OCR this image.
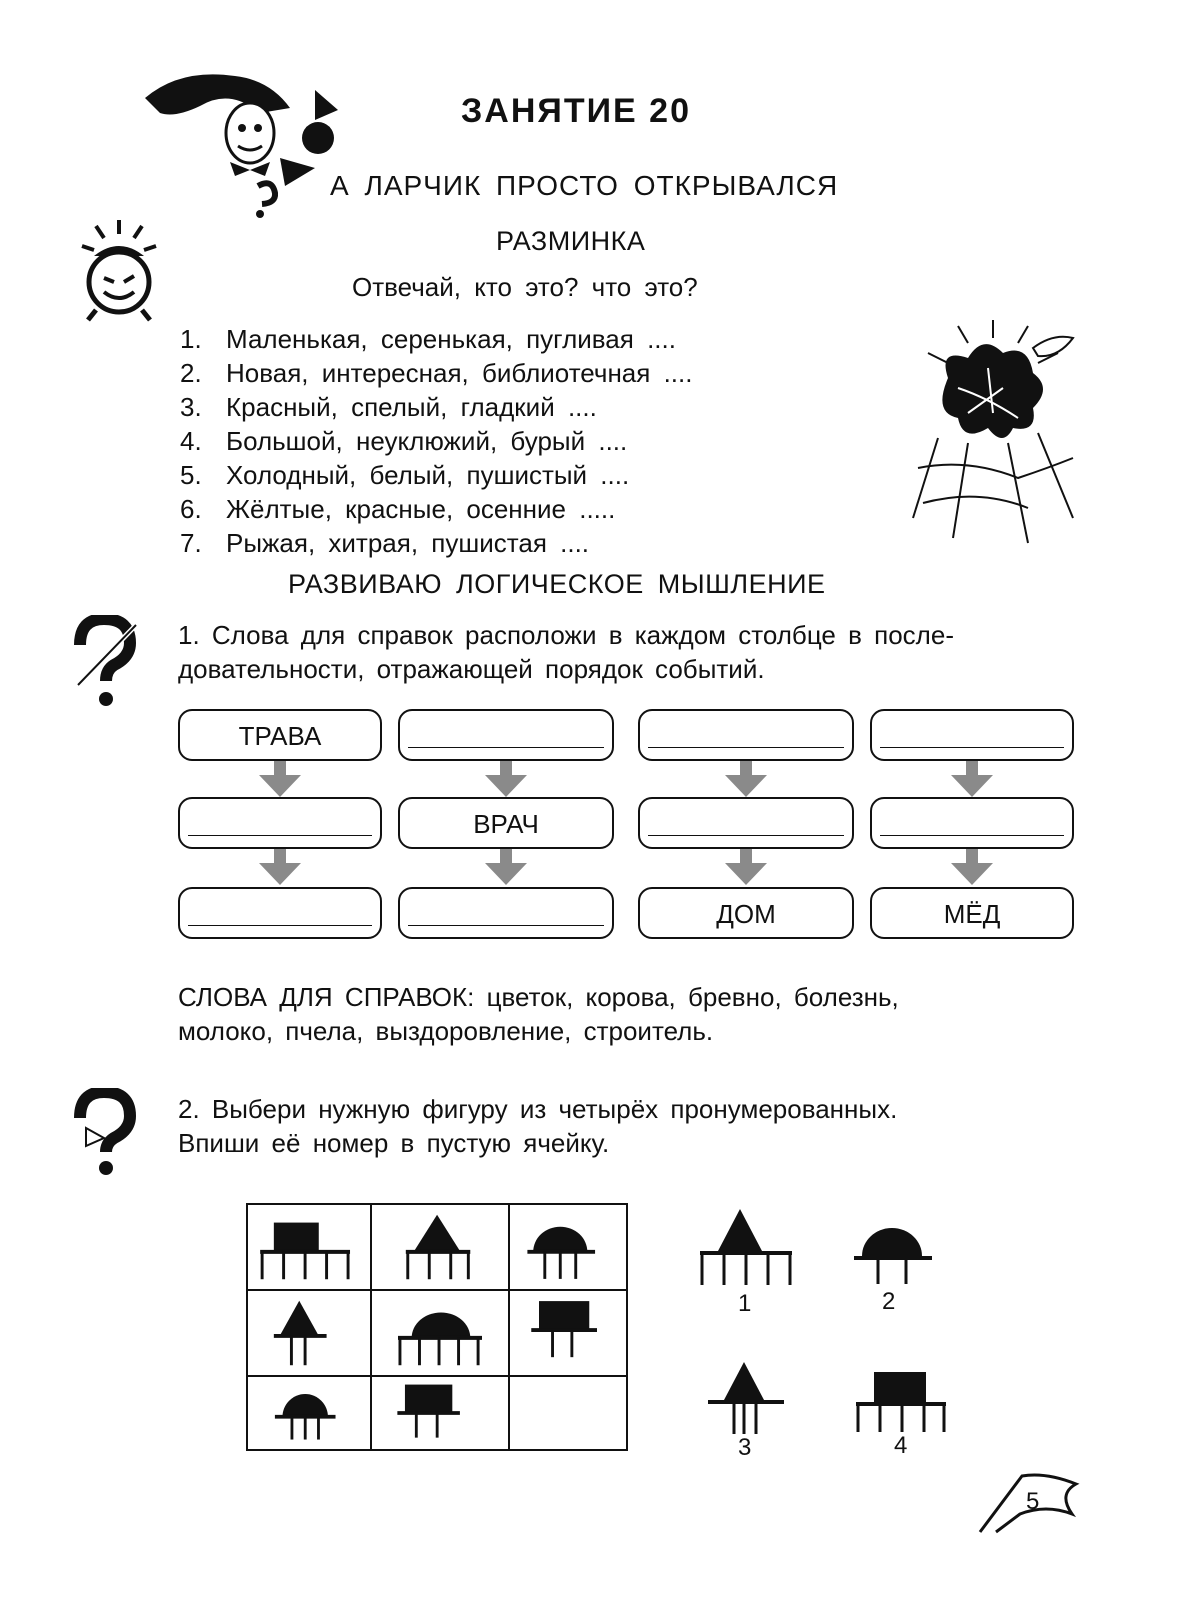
ЗАНЯТИЕ 20
А ЛАРЧИК ПРОСТО ОТКРЫВАЛСЯ
РАЗМИНКА
Отвечай, кто это? что это?
1. Маленькая, серенькая, пугливая ....
2. Новая, интересная, библиотечная ....
3. Красный, спелый, гладкий ....
4. Большой, неуклюжий, бурый ....
5. Холодный, белый, пушистый ....
6. Жёлтые, красные, осенние .....
7. Рыжая, хитрая, пушистая ....
РАЗВИВАЮ ЛОГИЧЕСКОЕ МЫШЛЕНИЕ
1. Слова для справок расположи в каждом столбце в после-
довательности, отражающей порядок событий.
ТРАВА
ВРАЧ
ДОМ	МЁД
СЛОВА ДЛЯ СПРАВОК: цветок, корова, бревно, болезнь,
молоко, пчела, выздоровление, строитель.
2. Выбери нужную фигуру из четырёх пронумерованных.
Впиши её номер в пустую ячейку.
1	2
3	4
5
